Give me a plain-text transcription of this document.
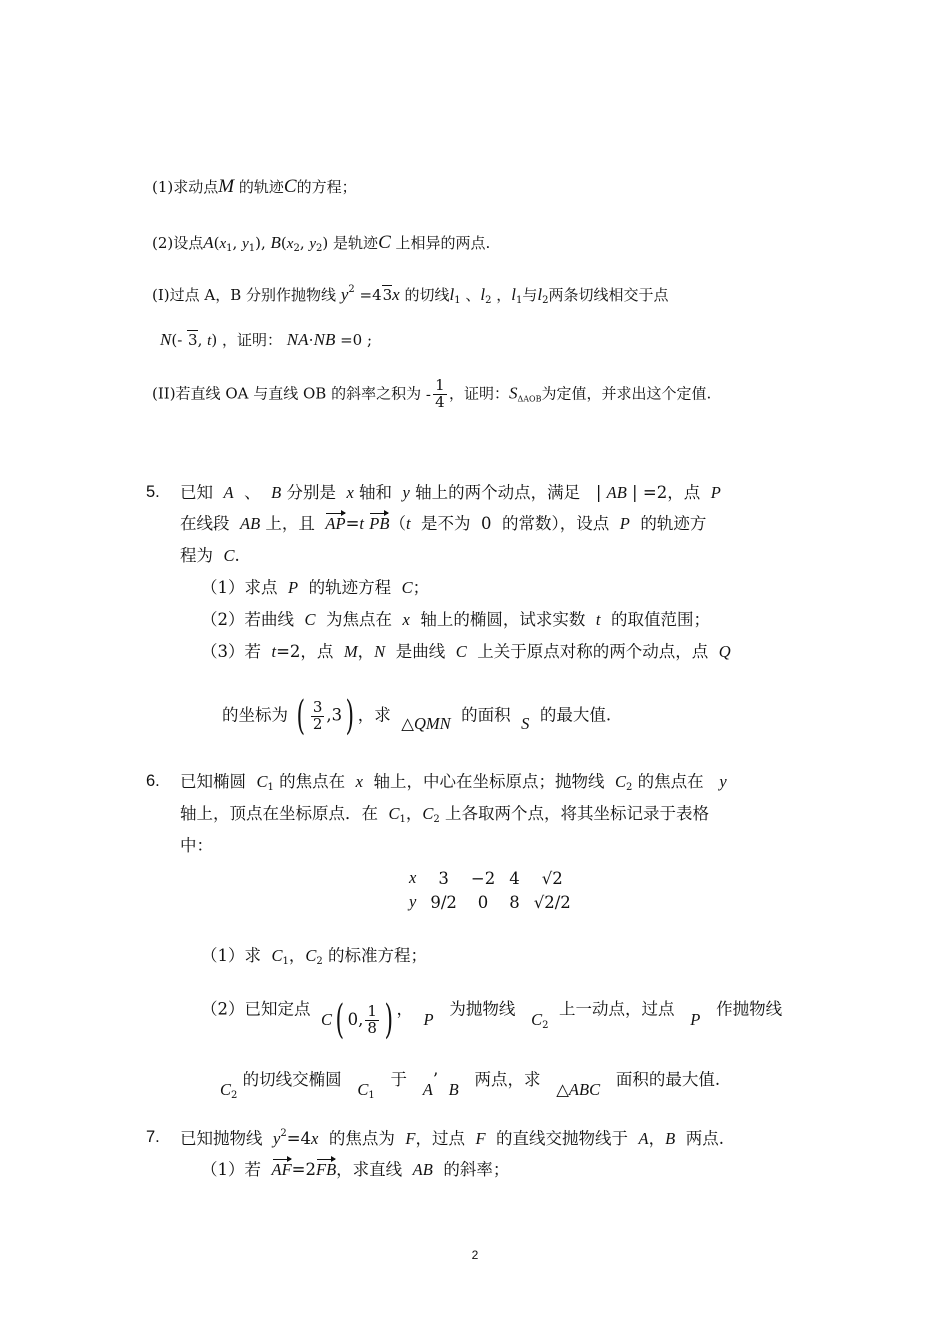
(1)求动点M 的轨迹C的方程；
(2)设点$A(x_1$, $y_1$), $B(x_2$, $y_2$) 是轨迹C 上相异的两点.
(I)过点 A，B 分别作抛物线 $y^2 =43x$ 的切线$l_1$ 、$l_2$ ，$l_1$与$l_2$两条切线相交于点
N(- 3, t) ，证明： NA⋅NB =0 ;
(II)若直线 OA 与直线 OB 的斜率之积为 - $\frac{1}{4}$ ，证明：$S_{\Delta AOB}$为定值，并求出这个定值.
5. 已知 A 、 B 分别是 x 轴和 y 轴上的两个动点，满足   | AB | =2，点 P
在线段 AB 上，且 AP=t PB（t 是不为 0 的常数），设点 P 的轨迹方
程为 C.
（1）求点 P 的轨迹方程 C；
（2）若曲线 C 为焦点在 x 轴上的椭圆，试求实数 t 的取值范围；
（3）若 t=2，点 M，N 是曲线 C 上关于原点对称的两个动点，点 Q
的坐标为 ( $\frac{3}{2} ,3$) ，求 △QMN 的面积 S 的最大值.
6. 已知椭圆 $C_1$ 的焦点在 x 轴上，中心在坐标原点；抛物线 $C_2$ 的焦点在 y
轴上，顶点在坐标原点．在 $C_1$，$C_2$ 上各取两个点，将其坐标记录于表格
中：
x	3	−2	4	√2
y	9/2	0	8	√2/2
（1）求 $C_1$，$C_2$ 的标准方程；
（2）已知定点  C( 0, $\frac{1}{8}$ ) ，  P   为抛物线   $C_2$  上一动点，过点   P   作抛物线
$C_2$ 的切线交椭圆   $C_1$   于   A’  B   两点，求   △ABC   面积的最大值.
7. 已知抛物线 $y^2=4x$ 的焦点为 F，过点 F 的直线交抛物线于 A，B 两点.
（1）若 AF=2FB，求直线 AB 的斜率；
2
